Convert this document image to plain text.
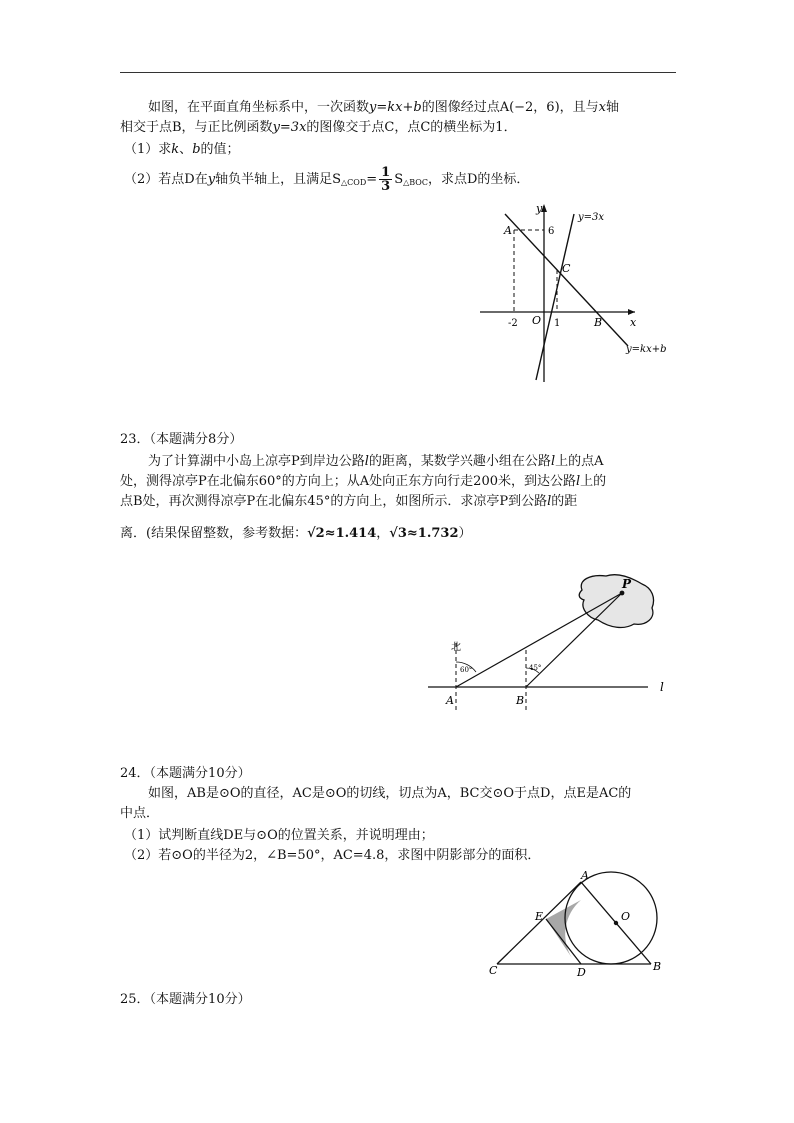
如图，在平面直角坐标系中，一次函数y=kx+b的图像经过点A(−2，6)，且与x轴
相交于点B，与正比例函数y=3x的图像交于点C，点C的横坐标为1．
（1）求k、b的值；
（2）若点D在y轴负半轴上，且满足$S_{\triangle COD}= \frac{1}{3} S_{\triangle BOC}$，求点D的坐标．
y
x
y=3x
y=kx+b
A
C
O	B
6
-2	1
23．（本题满分8分）
为了计算湖中小岛上凉亭P到岸边公路l的距离，某数学兴趣小组在公路l上的点A
处，测得凉亭P在北偏东60°的方向上；从A处向正东方向行走200米，到达公路l上的
点B处，再次测得凉亭P在北偏东45°的方向上，如图所示．求凉亭P到公路l的距
离．(结果保留整数，参考数据：√2≈1.414，√3≈1.732）
北
60°	45°
A	B
P
l
24．（本题满分10分）
如图，AB是⊙O的直径，AC是⊙O的切线，切点为A，BC交⊙O于点D，点E是AC的
中点．
（1）试判断直线DE与⊙O的位置关系，并说明理由；
（2）若⊙O的半径为2，∠B=50°，AC=4.8，求图中阴影部分的面积．
A
B
C	D
E	O
25．（本题满分10分）
